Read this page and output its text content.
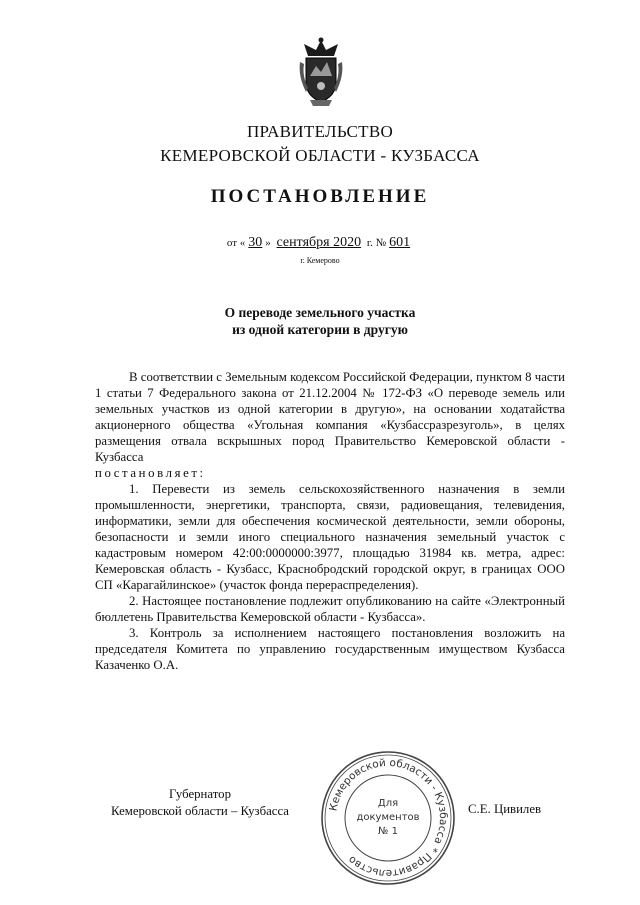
ПРАВИТЕЛЬСТВО
КЕМЕРОВСКОЙ ОБЛАСТИ - КУЗБАССА
ПОСТАНОВЛЕНИЕ
от « 30 » сентября 2020 г. № 601
г. Кемерово
О переводе земельного участка
из одной категории в другую

В соответствии с Земельным кодексом Российской Федерации, пунктом 8 части 1 статьи 7 Федерального закона от 21.12.2004 № 172-ФЗ «О переводе земель или земельных участков из одной категории в другую», на основании ходатайства акционерного общества «Угольная компания «Кузбассразрезуголь», в целях размещения отвала вскрышных пород Правительство Кемеровской области - Кузбасса

постановляет:

1. Перевести из земель сельскохозяйственного назначения в земли промышленности, энергетики, транспорта, связи, радиовещания, телевидения, информатики, земли для обеспечения космической деятельности, земли обороны, безопасности и земли иного специального назначения земельный участок с кадастровым номером 42:00:0000000:3977, площадью 31984 кв. метра, адрес: Кемеровская область - Кузбасс, Краснобродский городской округ, в границах ООО СП «Карагайлинское» (участок фонда перераспределения).

2. Настоящее постановление подлежит опубликованию на сайте «Электронный бюллетень Правительства Кемеровской области - Кузбасса».

3. Контроль за исполнением настоящего постановления возложить на председателя Комитета по управлению государственным имуществом Кузбасса Казаченко О.А.

Губернатор
Кемеровской области – Кузбасса	Кемеровской области - Кузбасса * Правительство
Для
документов
№ 1
С.Е. Цивилев
